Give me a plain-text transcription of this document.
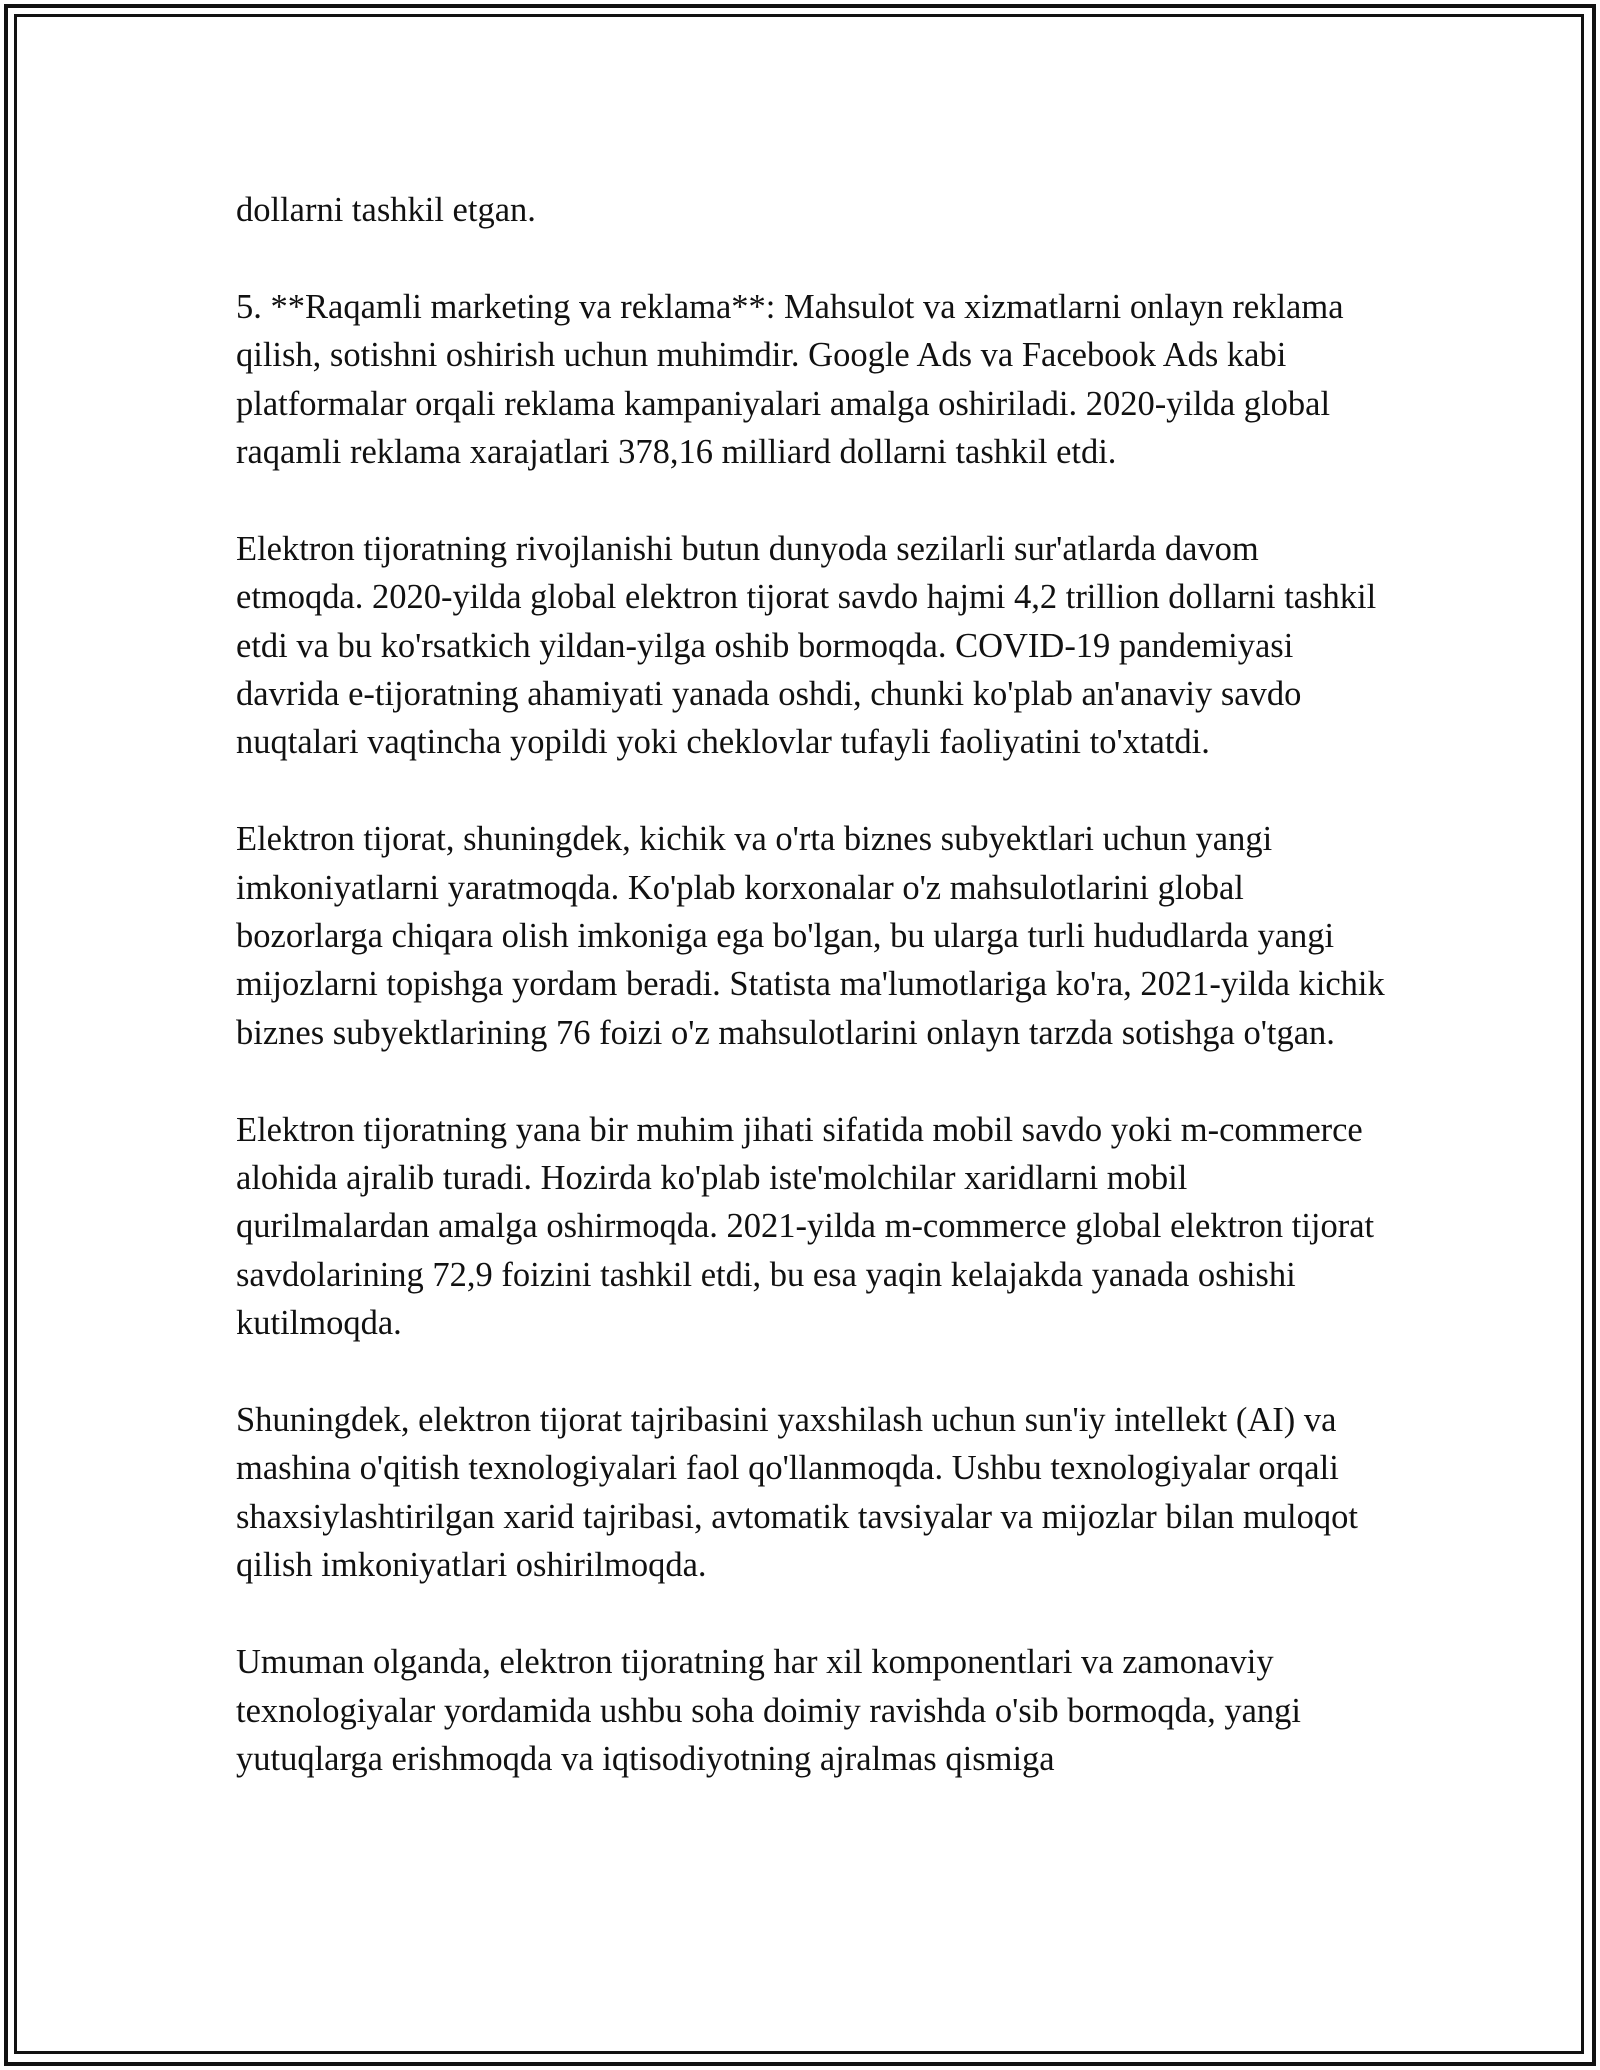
dollarni tashkil etgan.

5. **Raqamli marketing va reklama**: Mahsulot va xizmatlarni onlayn reklama qilish, sotishni oshirish uchun muhimdir. Google Ads va Facebook Ads kabi platformalar orqali reklama kampaniyalari amalga oshiriladi. 2020-yilda global raqamli reklama xarajatlari 378,16 milliard dollarni tashkil etdi.

Elektron tijoratning rivojlanishi butun dunyoda sezilarli sur'atlarda davom etmoqda. 2020-yilda global elektron tijorat savdo hajmi 4,2 trillion dollarni tashkil etdi va bu ko'rsatkich yildan-yilga oshib bormoqda. COVID-19 pandemiyasi davrida e-tijoratning ahamiyati yanada oshdi, chunki ko'plab an'anaviy savdo nuqtalari vaqtincha yopildi yoki cheklovlar tufayli faoliyatini to'xtatdi.

Elektron tijorat, shuningdek, kichik va o'rta biznes subyektlari uchun yangi imkoniyatlarni yaratmoqda. Ko'plab korxonalar o'z mahsulotlarini global bozorlarga chiqara olish imkoniga ega bo'lgan, bu ularga turli hududlarda yangi mijozlarni topishga yordam beradi. Statista ma'lumotlariga ko'ra, 2021-yilda kichik biznes subyektlarining 76 foizi o'z mahsulotlarini onlayn tarzda sotishga o'tgan.

Elektron tijoratning yana bir muhim jihati sifatida mobil savdo yoki m-commerce alohida ajralib turadi. Hozirda ko'plab iste'molchilar xaridlarni mobil qurilmalardan amalga oshirmoqda. 2021-yilda m-commerce global elektron tijorat savdolarining 72,9 foizini tashkil etdi, bu esa yaqin kelajakda yanada oshishi kutilmoqda.

Shuningdek, elektron tijorat tajribasini yaxshilash uchun sun'iy intellekt (AI) va mashina o'qitish texnologiyalari faol qo'llanmoqda. Ushbu texnologiyalar orqali shaxsiylashtirilgan xarid tajribasi, avtomatik tavsiyalar va mijozlar bilan muloqot qilish imkoniyatlari oshirilmoqda.

Umuman olganda, elektron tijoratning har xil komponentlari va zamonaviy texnologiyalar yordamida ushbu soha doimiy ravishda o'sib bormoqda, yangi yutuqlarga erishmoqda va iqtisodiyotning ajralmas qismiga
